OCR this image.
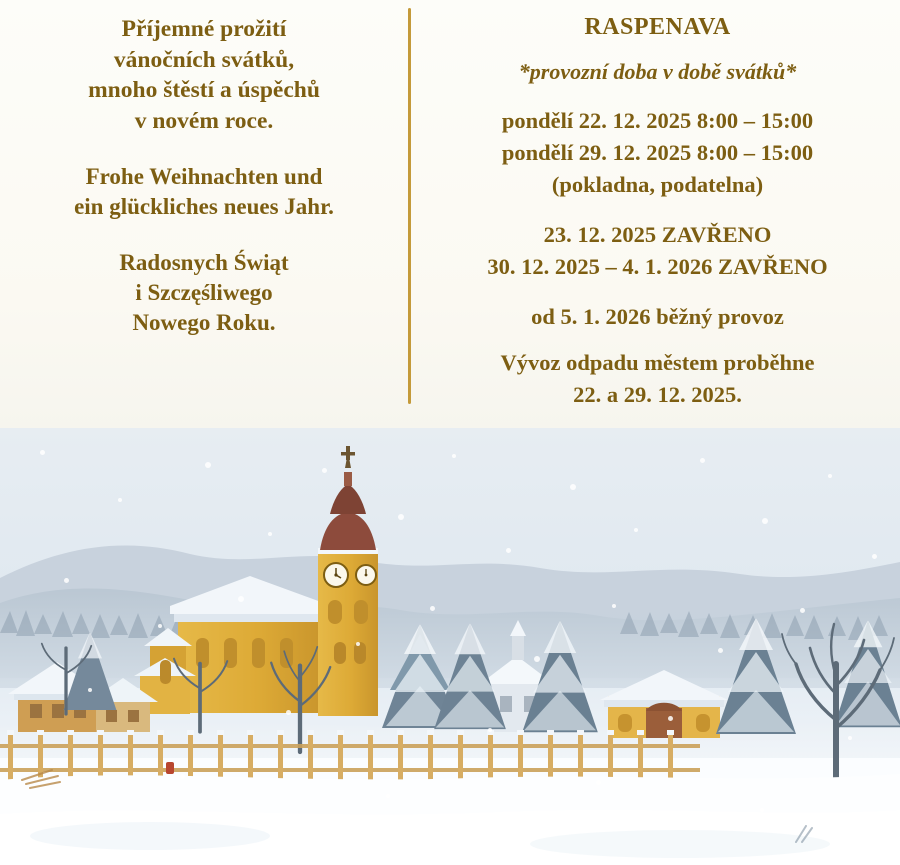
Příjemné prožití
vánočních svátků,
mnoho štěstí a úspěchů
v novém roce.
Frohe Weihnachten und
ein glückliches neues Jahr.
Radosnych Świąt
i Szczęśliwego
Nowego Roku.
RASPENAVA
*provozní doba v době svátků*
pondělí 22. 12. 2025 8:00 – 15:00
pondělí 29. 12. 2025 8:00 – 15:00
(pokladna, podatelna)
23. 12. 2025 ZAVŘENO
30. 12. 2025 – 4. 1. 2026 ZAVŘENO
od 5. 1. 2026 běžný provoz
Vývoz odpadu městem proběhne
22. a 29. 12. 2025.
